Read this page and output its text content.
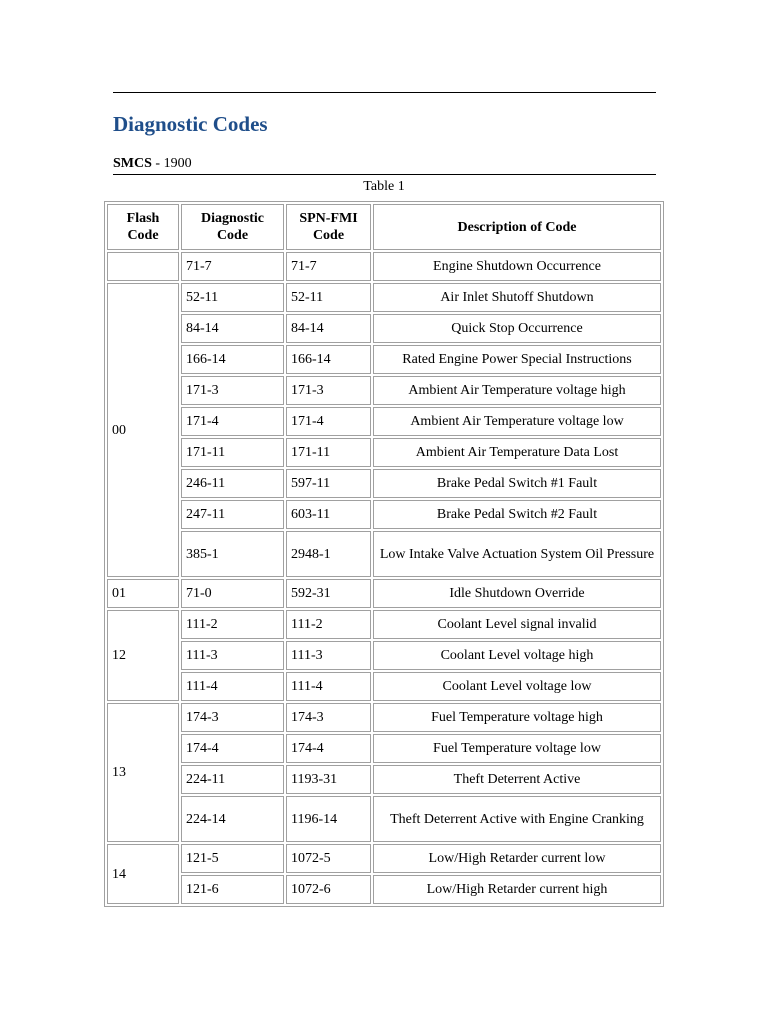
Diagnostic Codes
SMCS - 1900
Table 1
Flash Code	Diagnostic Code	SPN-FMI Code	Description of Code
	71-7	71-7	Engine Shutdown Occurrence
00	52-11	52-11	Air Inlet Shutoff Shutdown
	84-14	84-14	Quick Stop Occurrence
	166-14	166-14	Rated Engine Power Special Instructions
	171-3	171-3	Ambient Air Temperature voltage high
	171-4	171-4	Ambient Air Temperature voltage low
	171-11	171-11	Ambient Air Temperature Data Lost
	246-11	597-11	Brake Pedal Switch #1 Fault
	247-11	603-11	Brake Pedal Switch #2 Fault
	385-1	2948-1	Low Intake Valve Actuation System Oil Pressure
01	71-0	592-31	Idle Shutdown Override
12	111-2	111-2	Coolant Level signal invalid
	111-3	111-3	Coolant Level voltage high
	111-4	111-4	Coolant Level voltage low
13	174-3	174-3	Fuel Temperature voltage high
	174-4	174-4	Fuel Temperature voltage low
	224-11	1193-31	Theft Deterrent Active
	224-14	1196-14	Theft Deterrent Active with Engine Cranking
14	121-5	1072-5	Low/High Retarder current low
	121-6	1072-6	Low/High Retarder current high
